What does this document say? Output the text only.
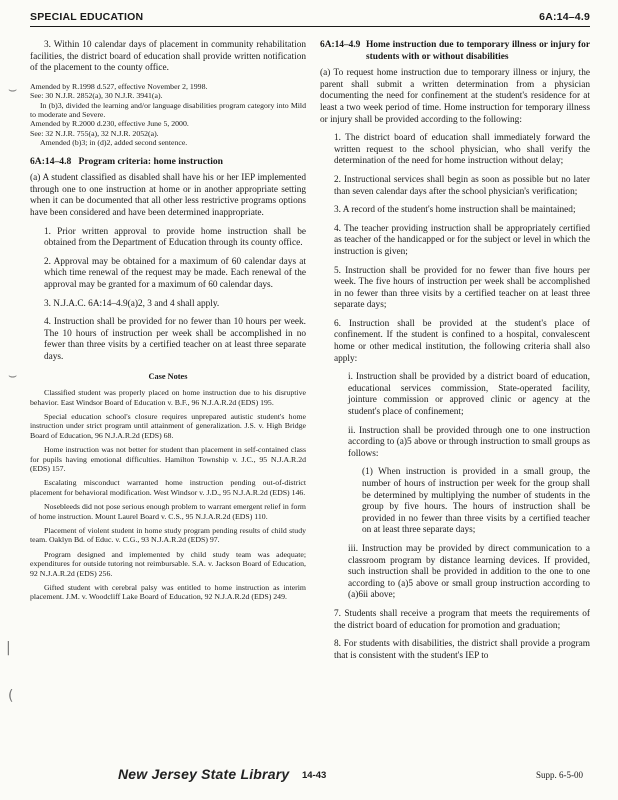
SPECIAL EDUCATION	6A:14–4.9

3. Within 10 calendar days of placement in community rehabilitation facilities, the district board of education shall provide written notification of the placement to the county office.

Amended by R.1998 d.527, effective November 2, 1998.
See: 30 N.J.R. 2852(a), 30 N.J.R. 3941(a).
In (b)3, divided the learning and/or language disabilities program category into Mild to moderate and Severe.
Amended by R.2000 d.230, effective June 5, 2000.
See: 32 N.J.R. 755(a), 32 N.J.R. 2052(a).
Amended (b)3; in (d)2, added second sentence.
6A:14–4.8 Program criteria: home instruction

(a) A student classified as disabled shall have his or her IEP implemented through one to one instruction at home or in another appropriate setting when it can be documented that all other less restrictive programs options have been considered and have been determined inappropriate.

1. Prior written approval to provide home instruction shall be obtained from the Department of Education through its county office.

2. Approval may be obtained for a maximum of 60 calendar days at which time renewal of the request may be made. Each renewal of the approval may be granted for a maximum of 60 calendar days.

3. N.J.A.C. 6A:14–4.9(a)2, 3 and 4 shall apply.

4. Instruction shall be provided for no fewer than 10 hours per week. The 10 hours of instruction per week shall be accomplished in no fewer than three visits by a certified teacher on at least three separate days.

Case Notes

Classified student was properly placed on home instruction due to his disruptive behavior. East Windsor Board of Education v. B.F., 96 N.J.A.R.2d (EDS) 195.

Special education school's closure requires unprepared autistic student's home instruction under strict program until attainment of generalization. J.S. v. High Bridge Board of Education, 96 N.J.A.R.2d (EDS) 68.

Home instruction was not better for student than placement in self-contained class for pupils having emotional difficulties. Hamilton Township v. J.C., 95 N.J.A.R.2d (EDS) 157.

Escalating misconduct warranted home instruction pending out-of-district placement for behavioral modification. West Windsor v. J.D., 95 N.J.A.R.2d (EDS) 146.

Nosebleeds did not pose serious enough problem to warrant emergent relief in form of home instruction. Mount Laurel Board v. C.S., 95 N.J.A.R.2d (EDS) 110.

Placement of violent student in home study program pending results of child study team. Oaklyn Bd. of Educ. v. C.G., 93 N.J.A.R.2d (EDS) 97.

Program designed and implemented by child study team was adequate; expenditures for outside tutoring not reimbursable. S.A. v. Jackson Board of Education, 92 N.J.A.R.2d (EDS) 256.

Gifted student with cerebral palsy was entitled to home instruction as interim placement. J.M. v. Woodcliff Lake Board of Education, 92 N.J.A.R.2d (EDS) 249.

6A:14–4.9 Home instruction due to temporary illness or injury for students with or without disabilities

(a) To request home instruction due to temporary illness or injury, the parent shall submit a written determination from a physician documenting the need for confinement at the student's residence for at least a two week period of time. Home instruction for temporary illness or injury shall be provided according to the following:

1. The district board of education shall immediately forward the written request to the school physician, who shall verify the determination of the need for home instruction without delay;

2. Instructional services shall begin as soon as possible but no later than seven calendar days after the school physician's verification;

3. A record of the student's home instruction shall be maintained;

4. The teacher providing instruction shall be appropriately certified as teacher of the handicapped or for the subject or level in which the instruction is given;

5. Instruction shall be provided for no fewer than five hours per week. The five hours of instruction per week shall be accomplished in no fewer than three visits by a certified teacher on at least three separate days;

6. Instruction shall be provided at the student's place of confinement. If the student is confined to a hospital, convalescent home or other medical institution, the following criteria shall also apply:

i. Instruction shall be provided by a district board of education, educational services commission, State-operated facility, jointure commission or approved clinic or agency at the student's place of confinement;

ii. Instruction shall be provided through one to one instruction according to (a)5 above or through instruction to small groups as follows:

(1) When instruction is provided in a small group, the number of hours of instruction per week for the group shall be determined by multiplying the number of students in the group by five hours. The hours of instruction shall be provided in no fewer than three visits by a certified teacher on at least three separate days;

iii. Instruction may be provided by direct communication to a classroom program by distance learning devices. If provided, such instruction shall be provided in addition to the one to one according to (a)5 above or small group instruction according to (a)6ii above;

7. Students shall receive a program that meets the requirements of the district board of education for promotion and graduation;

8. For students with disabilities, the district shall provide a program that is consistent with the student's IEP to

⌣
⌣
|
(
New Jersey State Library 14-43	Supp. 6-5-00
